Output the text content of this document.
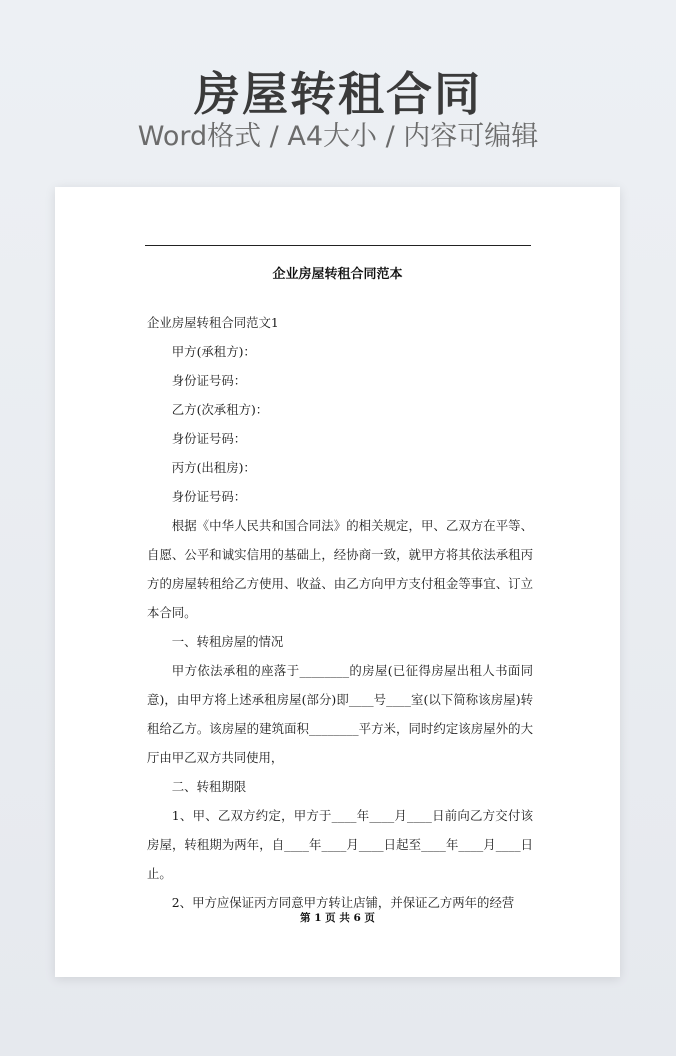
房屋转租合同
Word格式 / A4大小 / 内容可编辑
企业房屋转租合同范本

企业房屋转租合同范文1

甲方(承租方)：

身份证号码：

乙方(次承租方)：

身份证号码：

丙方(出租房)：

身份证号码：

根据《中华人民共和国合同法》的相关规定，甲、乙双方在平等、自愿、公平和诚实信用的基础上，经协商一致，就甲方将其依法承租丙方的房屋转租给乙方使用、收益、由乙方向甲方支付租金等事宜、订立本合同。

一、转租房屋的情况

甲方依法承租的座落于________的房屋(已征得房屋出租人书面同意)，由甲方将上述承租房屋(部分)即____号____室(以下简称该房屋)转租给乙方。该房屋的建筑面积________平方米，同时约定该房屋外的大厅由甲乙双方共同使用，

二、转租期限

1、甲、乙双方约定，甲方于____年____月____日前向乙方交付该房屋，转租期为两年，自____年____月____日起至____年____月____日止。

2、甲方应保证丙方同意甲方转让店铺，并保证乙方两年的经营

第 1 页 共 6 页
